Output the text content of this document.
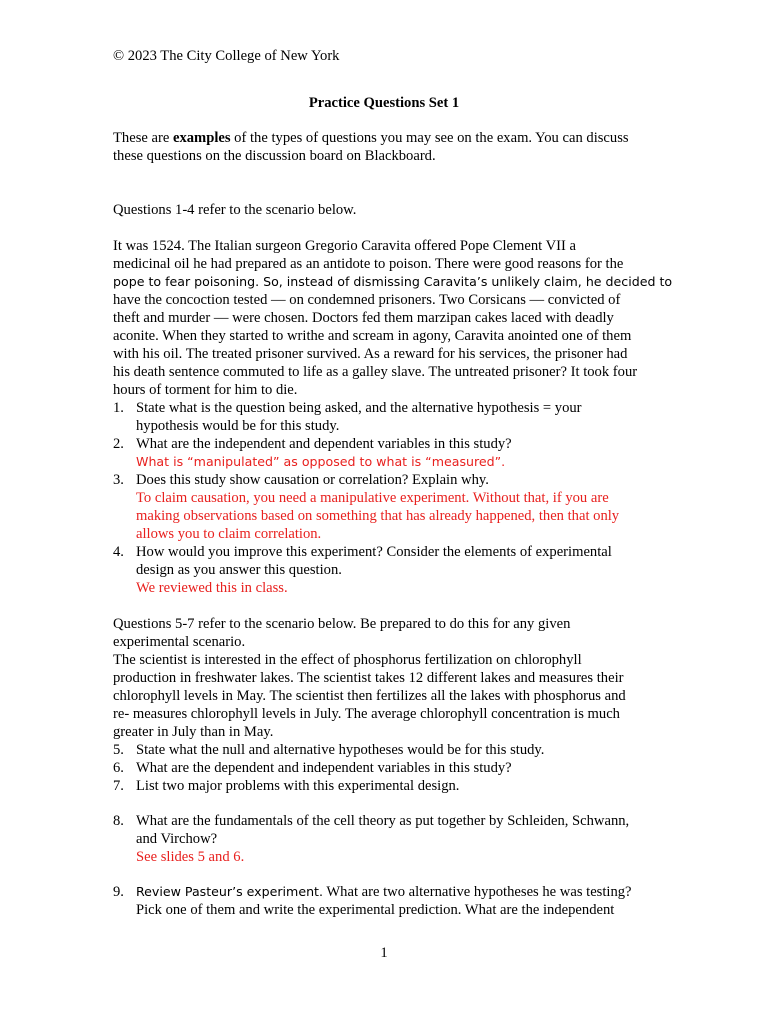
© 2023 The City College of New York
Practice Questions Set 1
These are examples of the types of questions you may see on the exam. You can discuss
these questions on the discussion board on Blackboard.
Questions 1-4 refer to the scenario below.
It was 1524. The Italian surgeon Gregorio Caravita offered Pope Clement VII a
medicinal oil he had prepared as an antidote to poison. There were good reasons for the
pope to fear poisoning. So, instead of dismissing Caravita’s unlikely claim, he decided to
have the concoction tested — on condemned prisoners. Two Corsicans — convicted of
theft and murder — were chosen. Doctors fed them marzipan cakes laced with deadly
aconite. When they started to writhe and scream in agony, Caravita anointed one of them
with his oil. The treated prisoner survived. As a reward for his services, the prisoner had
his death sentence commuted to life as a galley slave. The untreated prisoner? It took four
hours of torment for him to die.
1. State what is the question being asked, and the alternative hypothesis = your
hypothesis would be for this study.
2. What are the independent and dependent variables in this study?
What is “manipulated” as opposed to what is “measured”.
3. Does this study show causation or correlation? Explain why.
To claim causation, you need a manipulative experiment. Without that, if you are
making observations based on something that has already happened, then that only
allows you to claim correlation.
4. How would you improve this experiment? Consider the elements of experimental
design as you answer this question.
We reviewed this in class.
Questions 5-7 refer to the scenario below. Be prepared to do this for any given
experimental scenario.
The scientist is interested in the effect of phosphorus fertilization on chlorophyll
production in freshwater lakes. The scientist takes 12 different lakes and measures their
chlorophyll levels in May. The scientist then fertilizes all the lakes with phosphorus and
re- measures chlorophyll levels in July. The average chlorophyll concentration is much
greater in July than in May.
5. State what the null and alternative hypotheses would be for this study.
6. What are the dependent and independent variables in this study?
7. List two major problems with this experimental design.
8. What are the fundamentals of the cell theory as put together by Schleiden, Schwann,
and Virchow?
See slides 5 and 6.
9. Review Pasteur’s experiment. What are two alternative hypotheses he was testing?
Pick one of them and write the experimental prediction. What are the independent
1
